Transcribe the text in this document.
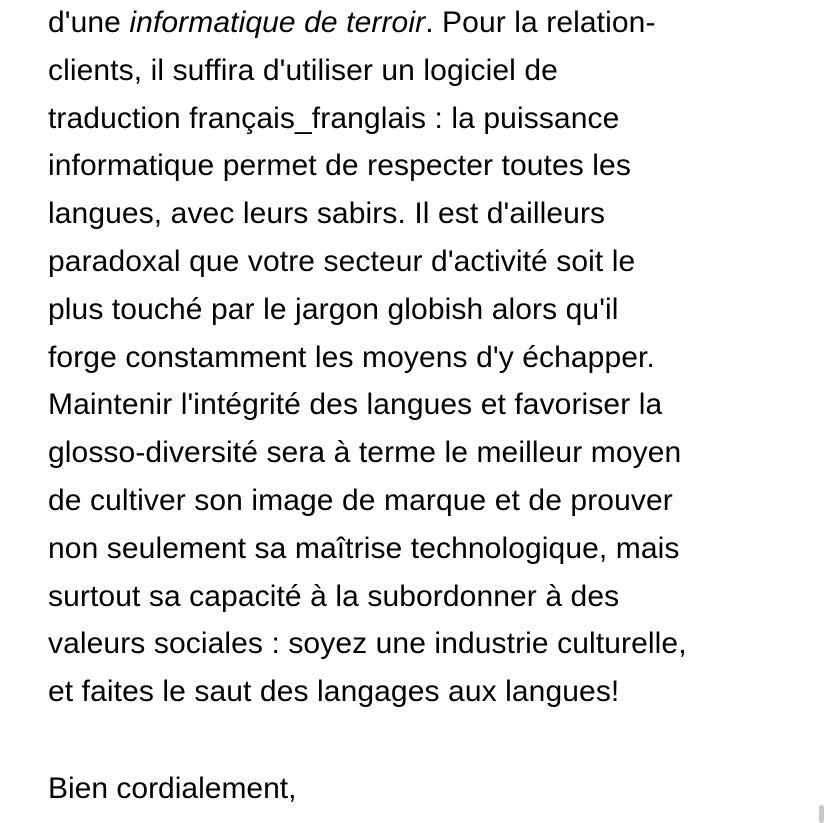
d'une informatique de terroir. Pour la relation-
clients, il suffira d'utiliser un logiciel de
traduction français_franglais : la puissance
informatique permet de respecter toutes les
langues, avec leurs sabirs. Il est d'ailleurs
paradoxal que votre secteur d'activité soit le
plus touché par le jargon globish alors qu'il
forge constamment les moyens d'y échapper.
Maintenir l'intégrité des langues et favoriser la
glosso-diversité sera à terme le meilleur moyen
de cultiver son image de marque et de prouver
non seulement sa maîtrise technologique, mais
surtout sa capacité à la subordonner à des
valeurs sociales : soyez une industrie culturelle,
et faites le saut des langages aux langues!
Bien cordialement,
